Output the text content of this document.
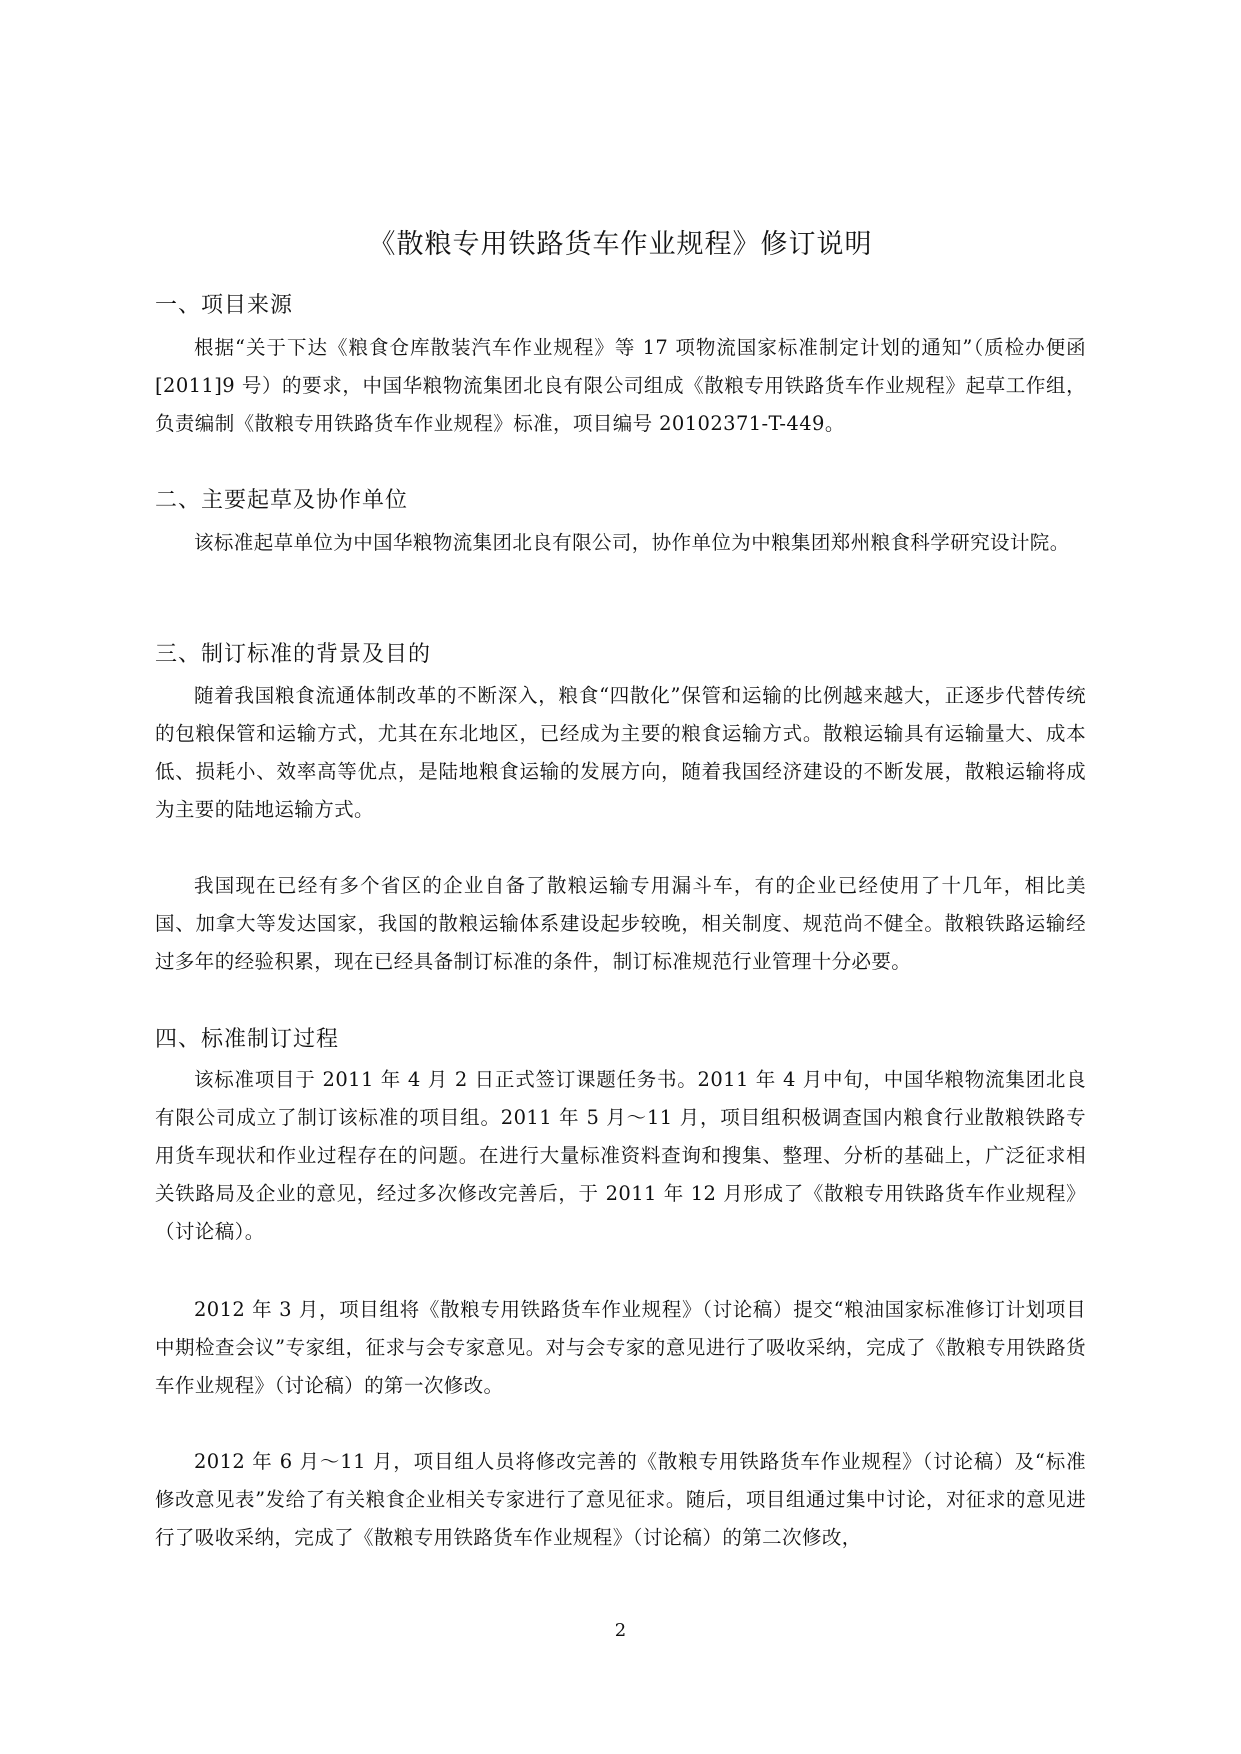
《散粮专用铁路货车作业规程》修订说明
一、项目来源
根据“关于下达《粮食仓库散装汽车作业规程》等 17 项物流国家标准制定计划的通知”（质检办便函[2011]9 号）的要求，中国华粮物流集团北良有限公司组成《散粮专用铁路货车作业规程》起草工作组，负责编制《散粮专用铁路货车作业规程》标准，项目编号 20102371-T-449。
二、主要起草及协作单位
该标准起草单位为中国华粮物流集团北良有限公司，协作单位为中粮集团郑州粮食科学研究设计院。
三、制订标准的背景及目的
随着我国粮食流通体制改革的不断深入，粮食“四散化”保管和运输的比例越来越大，正逐步代替传统的包粮保管和运输方式，尤其在东北地区，已经成为主要的粮食运输方式。散粮运输具有运输量大、成本低、损耗小、效率高等优点，是陆地粮食运输的发展方向，随着我国经济建设的不断发展，散粮运输将成为主要的陆地运输方式。
我国现在已经有多个省区的企业自备了散粮运输专用漏斗车，有的企业已经使用了十几年，相比美国、加拿大等发达国家，我国的散粮运输体系建设起步较晚，相关制度、规范尚不健全。散粮铁路运输经过多年的经验积累，现在已经具备制订标准的条件，制订标准规范行业管理十分必要。
四、标准制订过程
该标准项目于 2011 年 4 月 2 日正式签订课题任务书。2011 年 4 月中旬，中国华粮物流集团北良有限公司成立了制订该标准的项目组。2011 年 5 月～11 月，项目组积极调查国内粮食行业散粮铁路专用货车现状和作业过程存在的问题。在进行大量标准资料查询和搜集、整理、分析的基础上，广泛征求相关铁路局及企业的意见，经过多次修改完善后，于 2011 年 12 月形成了《散粮专用铁路货车作业规程》（讨论稿）。
2012 年 3 月，项目组将《散粮专用铁路货车作业规程》（讨论稿）提交“粮油国家标准修订计划项目中期检查会议”专家组，征求与会专家意见。对与会专家的意见进行了吸收采纳，完成了《散粮专用铁路货车作业规程》（讨论稿）的第一次修改。
2012 年 6 月～11 月，项目组人员将修改完善的《散粮专用铁路货车作业规程》（讨论稿）及“标准修改意见表”发给了有关粮食企业相关专家进行了意见征求。随后，项目组通过集中讨论，对征求的意见进行了吸收采纳，完成了《散粮专用铁路货车作业规程》（讨论稿）的第二次修改，
2
